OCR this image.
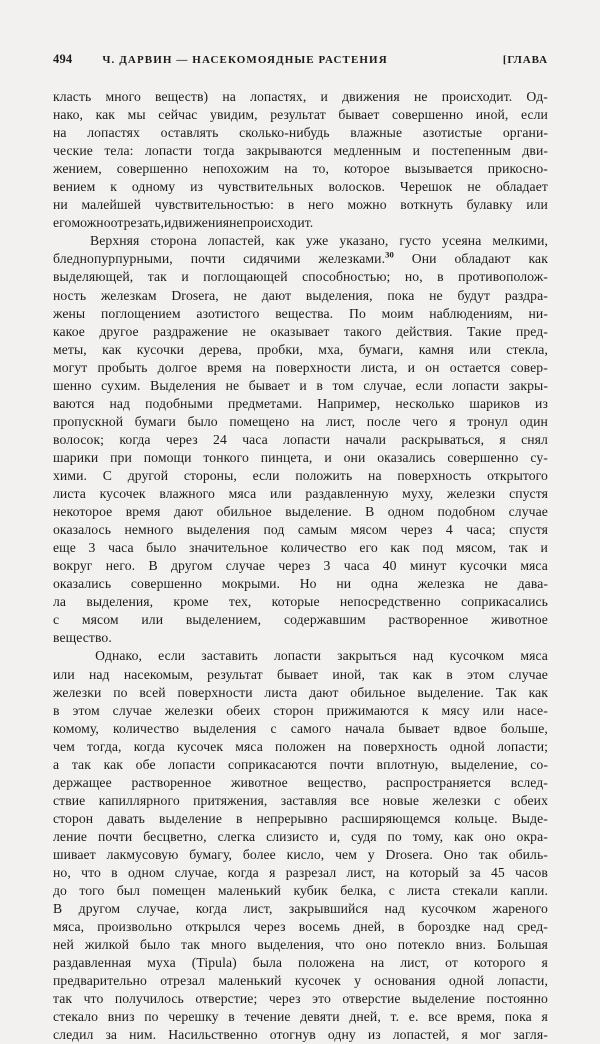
494	Ч. ДАРВИН — НАСЕКОМОЯДНЫЕ РАСТЕНИЯ	[ГЛАВА
класть много веществ) на лопастях, и движения не происходит. Од-
нако, как мы сейчас увидим, результат бывает совершенно иной, если
на лопастях оставлять сколько-нибудь влажные азотистые органи-
ческие тела: лопасти тогда закрываются медленным и постепенным дви-
жением, совершенно непохожим на то, которое вызывается прикосно-
вением к одному из чувствительных волосков. Черешок не обладает
ни малейшей чувствительностью: в него можно воткнуть булавку или
его можно отрезать, и движения не происходит.
Верхняя сторона лопастей, как уже указано, густо усеяна мелкими,
бледнопурпурными, почти сидячими железками.$^{30}$ Они обладают как
выделяющей, так и поглощающей способностью; но, в противополож-
ность железкам Drosera, не дают выделения, пока не будут раздра-
жены поглощением азотистого вещества. По моим наблюдениям, ни-
какое другое раздражение не оказывает такого действия. Такие пред-
меты, как кусочки дерева, пробки, мха, бумаги, камня или стекла,
могут пробыть долгое время на поверхности листа, и он остается совер-
шенно сухим. Выделения не бывает и в том случае, если лопасти закры-
ваются над подобными предметами. Например, несколько шариков из
пропускной бумаги было помещено на лист, после чего я тронул один
волосок; когда через 24 часа лопасти начали раскрываться, я снял
шарики при помощи тонкого пинцета, и они оказались совершенно су-
хими. С другой стороны, если положить на поверхность открытого
листа кусочек влажного мяса или раздавленную муху, железки спустя
некоторое время дают обильное выделение. В одном подобном случае
оказалось немного выделения под самым мясом через 4 часа; спустя
еще 3 часа было значительное количество его как под мясом, так и
вокруг него. В другом случае через 3 часа 40 минут кусочки мяса
оказались совершенно мокрыми. Но ни одна железка не дава-
ла выделения, кроме тех, которые непосредственно соприкасались
с мясом или выделением, содержавшим растворенное животное
вещество.
Однако, если заставить лопасти закрыться над кусочком мяса
или над насекомым, результат бывает иной, так как в этом случае
железки по всей поверхности листа дают обильное выделение. Так как
в этом случае железки обеих сторон прижимаются к мясу или насе-
комому, количество выделения с самого начала бывает вдвое больше,
чем тогда, когда кусочек мяса положен на поверхность одной лопасти;
а так как обе лопасти соприкасаются почти вплотную, выделение, со-
держащее растворенное животное вещество, распространяется вслед-
ствие капиллярного притяжения, заставляя все новые железки с обеих
сторон давать выделение в непрерывно расширяющемся кольце. Выде-
ление почти бесцветно, слегка слизисто и, судя по тому, как оно окра-
шивает лакмусовую бумагу, более кисло, чем у Drosera. Оно так обиль-
но, что в одном случае, когда я разрезал лист, на который за 45 часов
до того был помещен маленький кубик белка, с листа стекали капли.
В другом случае, когда лист, закрывшийся над кусочком жареного
мяса, произвольно открылся через восемь дней, в бороздке над сред-
ней жилкой было так много выделения, что оно потекло вниз. Большая
раздавленная муха (Tipula) была положена на лист, от которого я
предварительно отрезал маленький кусочек у основания одной лопасти,
так что получилось отверстие; через это отверстие выделение постоянно
стекало вниз по черешку в течение девяти дней, т. е. все время, пока я
следил за ним. Насильственно отогнув одну из лопастей, я мог загля-
